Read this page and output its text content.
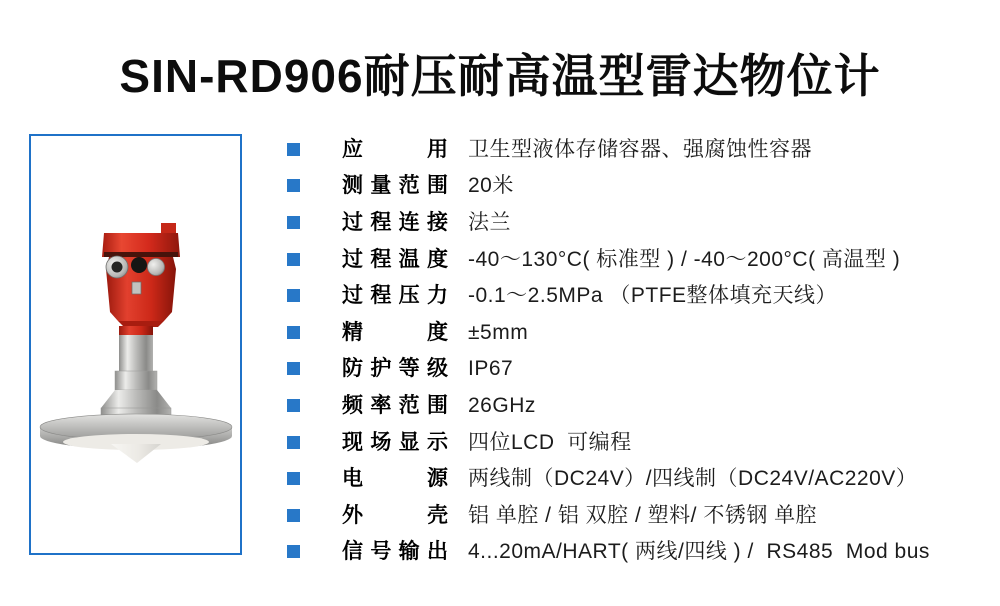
SIN-RD906耐压耐高温型雷达物位计
应用 卫生型液体存储容器、强腐蚀性容器
测量范围 20米
过程连接 法兰
过程温度 -40～130°C( 标准型 ) / -40～200°C( 高温型 )
过程压力 -0.1～2.5MPa （PTFE整体填充天线）
精度 ±5mm
防护等级 IP67
频率范围 26GHz
现场显示 四位LCD  可编程
电源 两线制（DC24V）/四线制（DC24V/AC220V）
外壳 铝 单腔 / 铝 双腔 / 塑料/ 不锈钢 单腔
信号输出 4...20mA/HART( 两线/四线 ) /  RS485  Mod bus
